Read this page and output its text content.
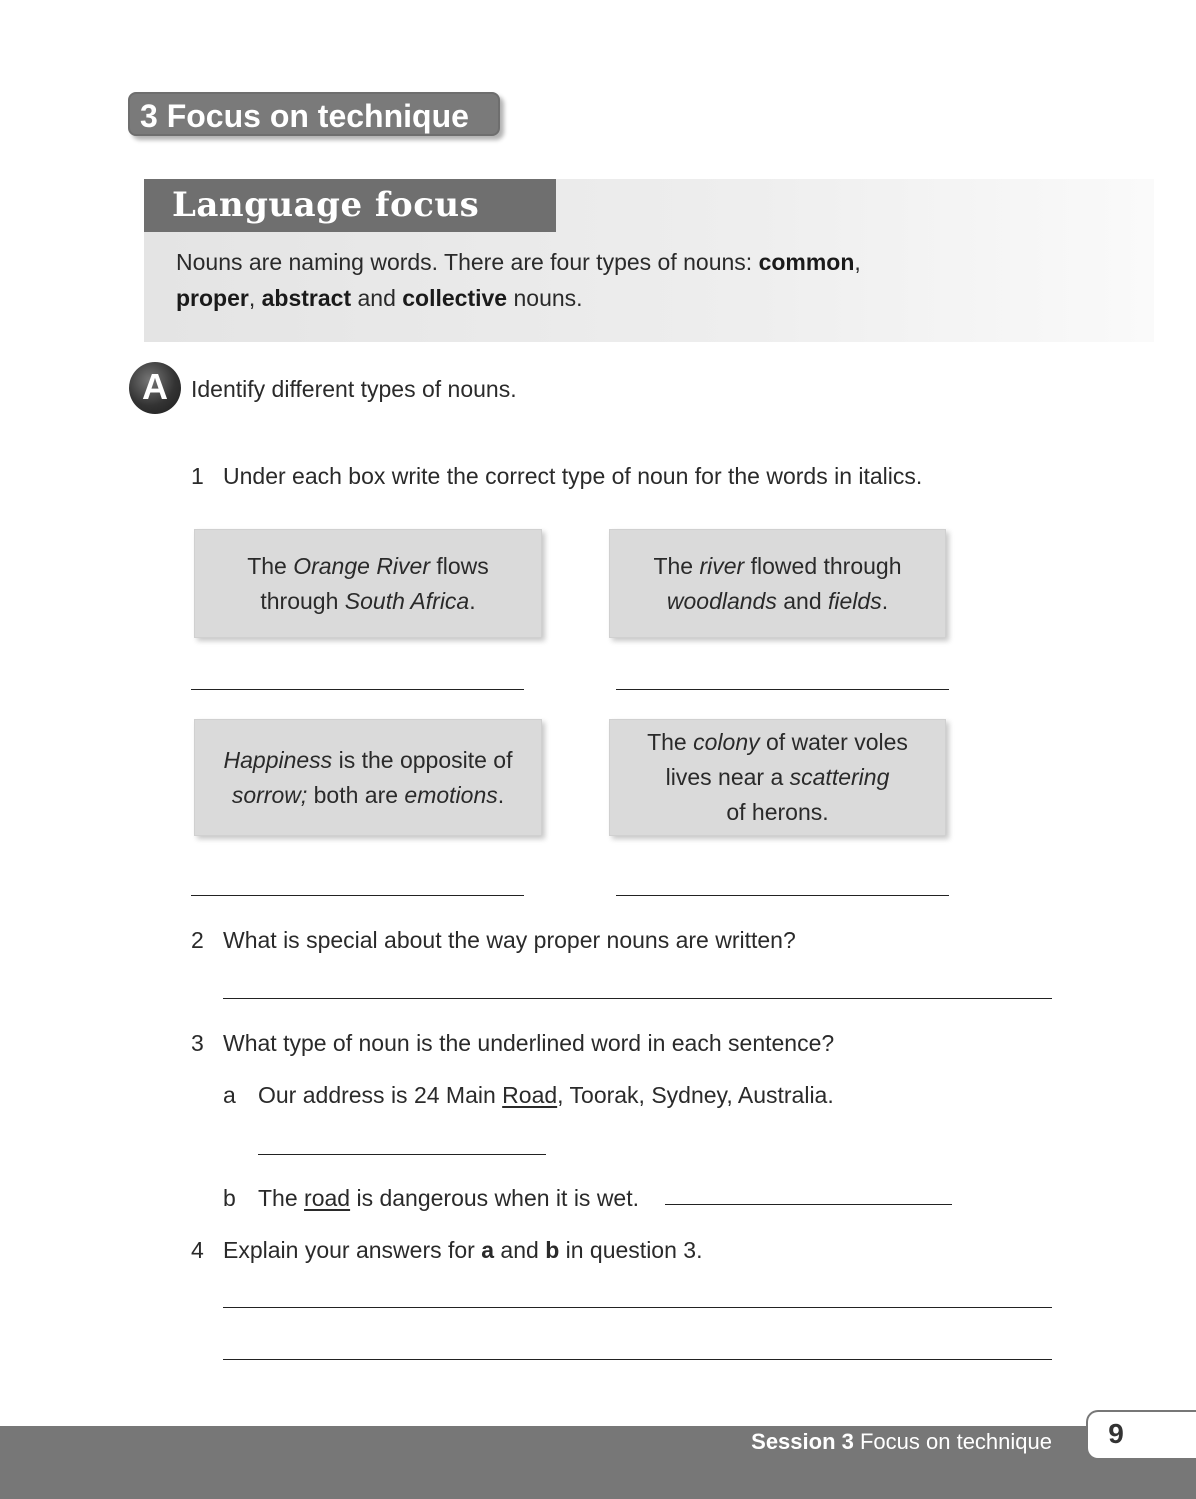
3 Focus on technique
Language focus
Nouns are naming words. There are four types of nouns: common,
proper, abstract and collective nouns.
A	Identify different types of nouns.
1 Under each box write the correct type of noun for the words in italics.
The Orange River flows
through South Africa.
The river flowed through
woodlands and fields.
Happiness is the opposite of
sorrow; both are emotions.
The colony of water voles
lives near a scattering
of herons.
2 What is special about the way proper nouns are written?
3 What type of noun is the underlined word in each sentence?
a Our address is 24 Main Road, Toorak, Sydney, Australia.
b The road is dangerous when it is wet.
4 Explain your answers for a and b in question 3.
Session 3 Focus on technique	9
